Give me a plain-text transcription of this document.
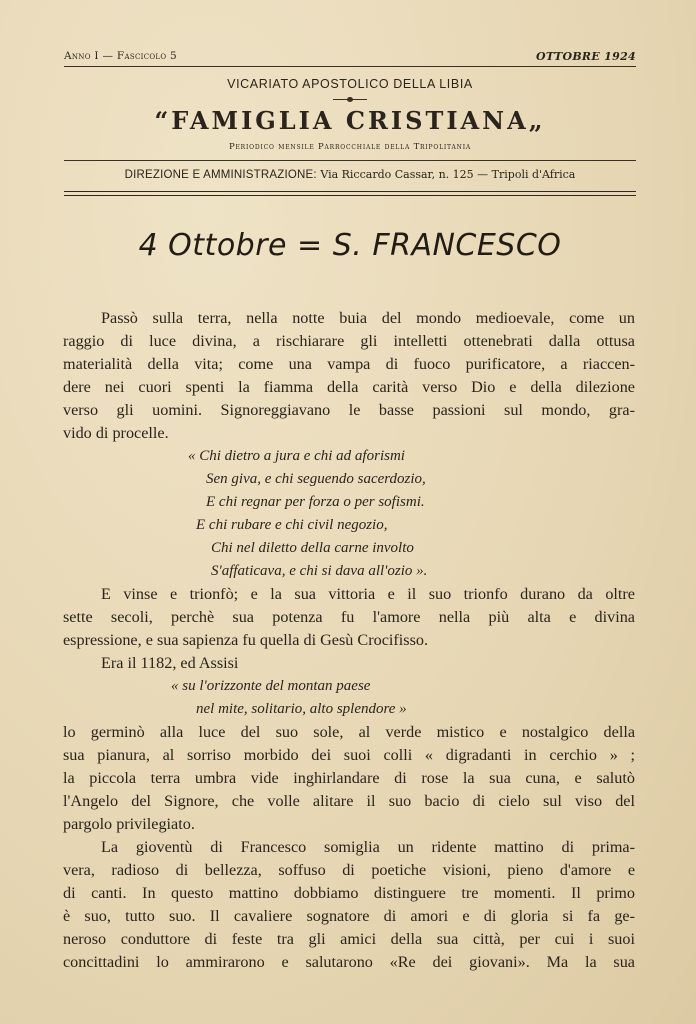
Anno I — Fascicolo 5	OTTOBRE 1924
VICARIATO APOSTOLICO DELLA LIBIA
“FAMIGLIA CRISTIANA„
Periodico mensile Parrocchiale della Tripolitania
DIREZIONE E AMMINISTRAZIONE: Via Riccardo Cassar, n. 125 — Tripoli d'Africa
4 Ottobre = S. FRANCESCO
Passò sulla terra, nella notte buia del mondo medioevale, come un
raggio di luce divina, a rischiarare gli intelletti ottenebrati dalla ottusa
materialità della vita; come una vampa di fuoco purificatore, a riaccen-
dere nei cuori spenti la fiamma della carità verso Dio e della dilezione
verso gli uomini. Signoreggiavano le basse passioni sul mondo, gra-
vido di procelle.
« Chi dietro a jura e chi ad aforismi
Sen giva, e chi seguendo sacerdozio,
E chi regnar per forza o per sofismi.
E chi rubare e chi civil negozio,
Chi nel diletto della carne involto
S'affaticava, e chi si dava all'ozio ».
E vinse e trionfò; e la sua vittoria e il suo trionfo durano da oltre
sette secoli, perchè sua potenza fu l'amore nella più alta e divina
espressione, e sua sapienza fu quella di Gesù Crocifisso.
Era il 1182, ed Assisi
« su l'orizzonte del montan paese
nel mite, solitario, alto splendore »
lo germinò alla luce del suo sole, al verde mistico e nostalgico della
sua pianura, al sorriso morbido dei suoi colli « digradanti in cerchio » ;
la piccola terra umbra vide inghirlandare di rose la sua cuna, e salutò
l'Angelo del Signore, che volle alitare il suo bacio di cielo sul viso del
pargolo privilegiato.
La gioventù di Francesco somiglia un ridente mattino di prima-
vera, radioso di bellezza, soffuso di poetiche visioni, pieno d'amore e
di canti. In questo mattino dobbiamo distinguere tre momenti. Il primo
è suo, tutto suo. Il cavaliere sognatore di amori e di gloria si fa ge-
neroso conduttore di feste tra gli amici della sua città, per cui i suoi
concittadini lo ammirarono e salutarono «Re dei giovani». Ma la sua
